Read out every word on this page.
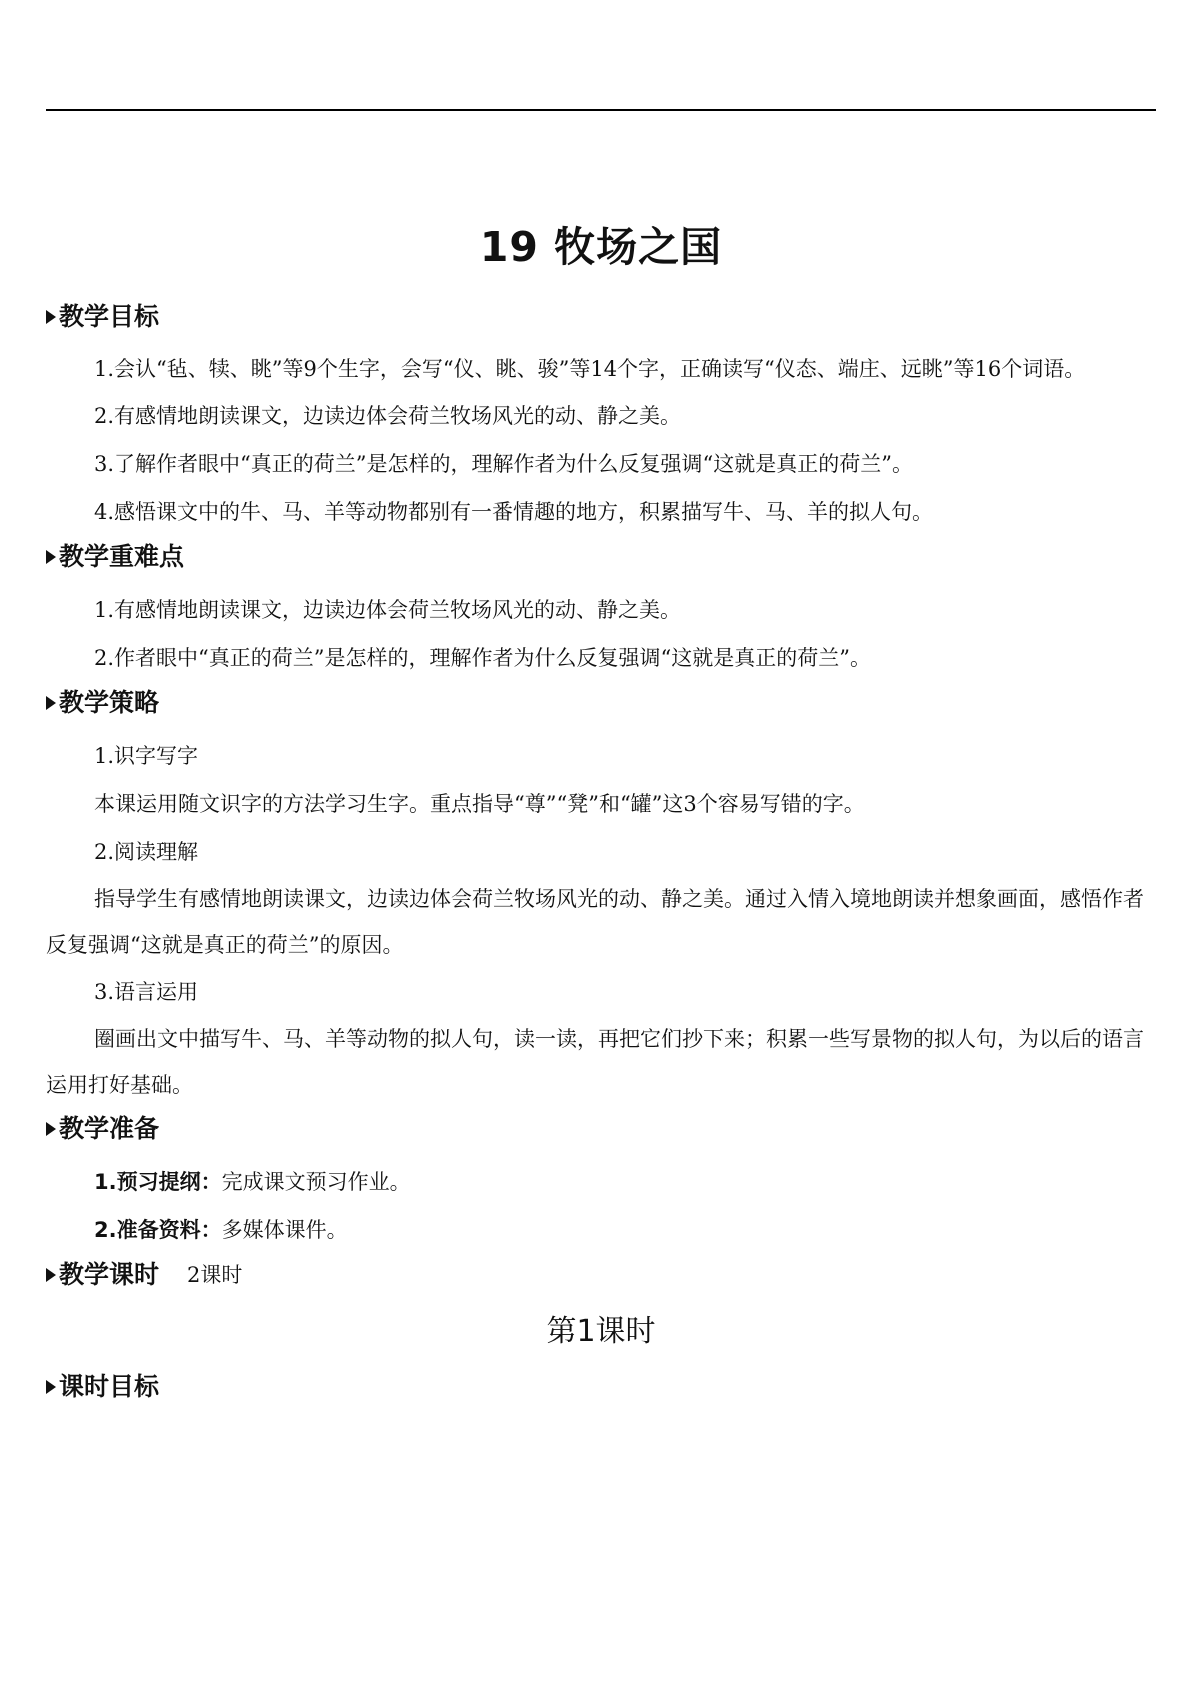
19 牧场之国
教学目标

1.会认“毡、犊、眺”等9个生字，会写“仪、眺、骏”等14个字，正确读写“仪态、端庄、远眺”等16个词语。

2.有感情地朗读课文，边读边体会荷兰牧场风光的动、静之美。

3.了解作者眼中“真正的荷兰”是怎样的，理解作者为什么反复强调“这就是真正的荷兰”。

4.感悟课文中的牛、马、羊等动物都别有一番情趣的地方，积累描写牛、马、羊的拟人句。

教学重难点

1.有感情地朗读课文，边读边体会荷兰牧场风光的动、静之美。

2.作者眼中“真正的荷兰”是怎样的，理解作者为什么反复强调“这就是真正的荷兰”。

教学策略

1.识字写字

本课运用随文识字的方法学习生字。重点指导“尊”“凳”和“罐”这3个容易写错的字。

2.阅读理解

指导学生有感情地朗读课文，边读边体会荷兰牧场风光的动、静之美。通过入情入境地朗读并想象画面，感悟作者反复强调“这就是真正的荷兰”的原因。

3.语言运用

圈画出文中描写牛、马、羊等动物的拟人句，读一读，再把它们抄下来；积累一些写景物的拟人句，为以后的语言运用打好基础。

教学准备
1.预习提纲：完成课文预习作业。
2.准备资料：多媒体课件。
教学课时 2课时
第1课时
课时目标
